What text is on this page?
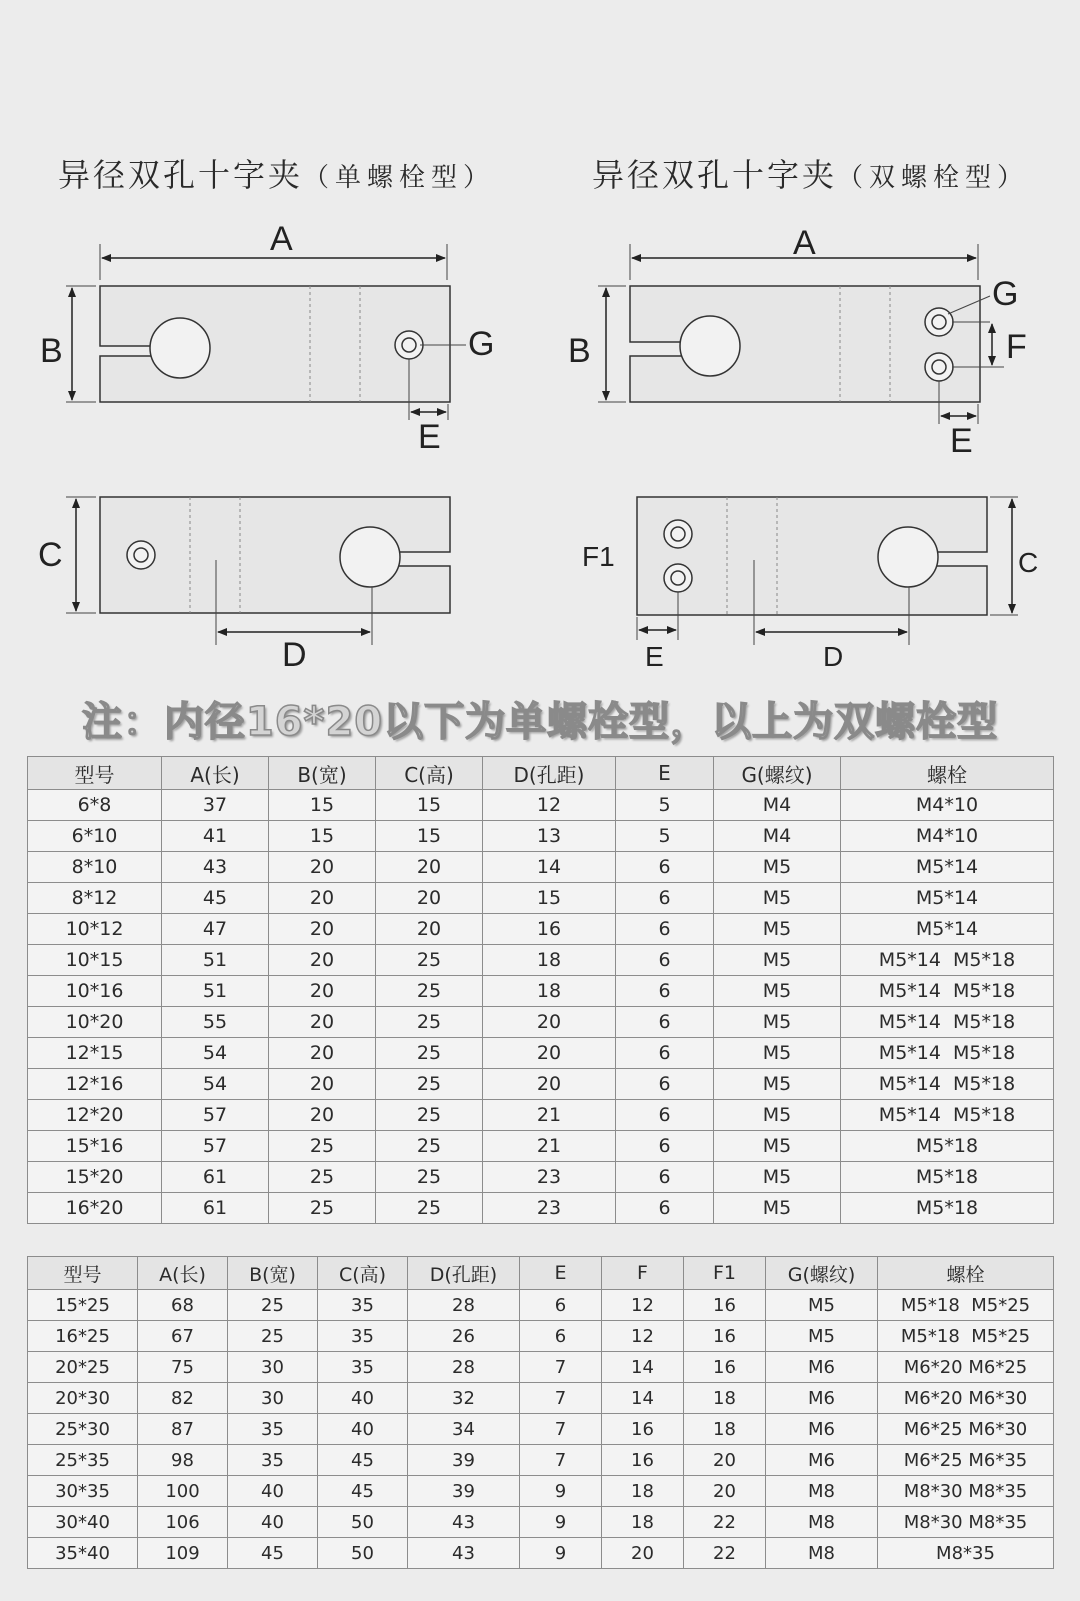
异径双孔十字夹（单螺栓型）	异径双孔十字夹（双螺栓型）
A
B	G
E
C
D
A
B
G
F
E
F1	C
E	D
注：内径16*20以下为单螺栓型，以上为双螺栓型
型号	A(长)	B(宽)	C(高)	D(孔距)	E	G(螺纹)	螺栓
6*8	37	15	15	12	5	M4	M4*10
6*10	41	15	15	13	5	M4	M4*10
8*10	43	20	20	14	6	M5	M5*14
8*12	45	20	20	15	6	M5	M5*14
10*12	47	20	20	16	6	M5	M5*14
10*15	51	20	25	18	6	M5	M5*14  M5*18
10*16	51	20	25	18	6	M5	M5*14  M5*18
10*20	55	20	25	20	6	M5	M5*14  M5*18
12*15	54	20	25	20	6	M5	M5*14  M5*18
12*16	54	20	25	20	6	M5	M5*14  M5*18
12*20	57	20	25	21	6	M5	M5*14  M5*18
15*16	57	25	25	21	6	M5	M5*18
15*20	61	25	25	23	6	M5	M5*18
16*20	61	25	25	23	6	M5	M5*18
型号	A(长)	B(宽)	C(高)	D(孔距)	E	F	F1	G(螺纹)	螺栓
15*25	68	25	35	28	6	12	16	M5	M5*18  M5*25
16*25	67	25	35	26	6	12	16	M5	M5*18  M5*25
20*25	75	30	35	28	7	14	16	M6	M6*20 M6*25
20*30	82	30	40	32	7	14	18	M6	M6*20 M6*30
25*30	87	35	40	34	7	16	18	M6	M6*25 M6*30
25*35	98	35	45	39	7	16	20	M6	M6*25 M6*35
30*35	100	40	45	39	9	18	20	M8	M8*30 M8*35
30*40	106	40	50	43	9	18	22	M8	M8*30 M8*35
35*40	109	45	50	43	9	20	22	M8	M8*35
